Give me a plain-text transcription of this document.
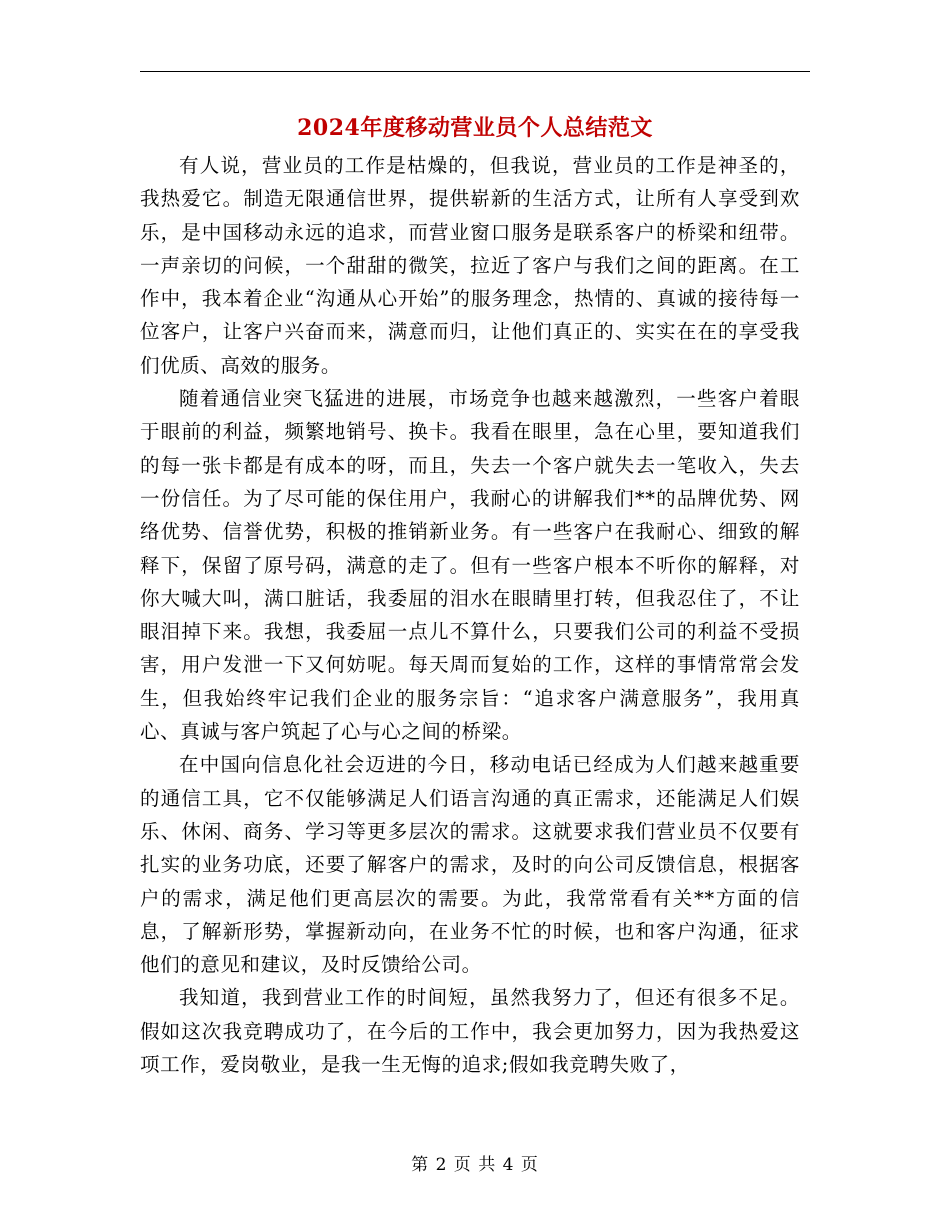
2024年度移动营业员个人总结范文

有人说，营业员的工作是枯燥的，但我说，营业员的工作是神圣的，我热爱它。制造无限通信世界，提供崭新的生活方式，让所有人享受到欢乐，是中国移动永远的追求，而营业窗口服务是联系客户的桥梁和纽带。一声亲切的问候，一个甜甜的微笑，拉近了客户与我们之间的距离。在工作中，我本着企业“沟通从心开始”的服务理念，热情的、真诚的接待每一位客户，让客户兴奋而来，满意而归，让他们真正的、实实在在的享受我们优质、高效的服务。

随着通信业突飞猛进的进展，市场竞争也越来越激烈，一些客户着眼于眼前的利益，频繁地销号、换卡。我看在眼里，急在心里，要知道我们的每一张卡都是有成本的呀，而且，失去一个客户就失去一笔收入，失去一份信任。为了尽可能的保住用户，我耐心的讲解我们**的品牌优势、网络优势、信誉优势，积极的推销新业务。有一些客户在我耐心、细致的解释下，保留了原号码，满意的走了。但有一些客户根本不听你的解释，对你大喊大叫，满口脏话，我委屈的泪水在眼睛里打转，但我忍住了，不让眼泪掉下来。我想，我委屈一点儿不算什么，只要我们公司的利益不受损害，用户发泄一下又何妨呢。每天周而复始的工作，这样的事情常常会发生，但我始终牢记我们企业的服务宗旨：“追求客户满意服务”，我用真心、真诚与客户筑起了心与心之间的桥梁。

在中国向信息化社会迈进的今日，移动电话已经成为人们越来越重要的通信工具，它不仅能够满足人们语言沟通的真正需求，还能满足人们娱乐、休闲、商务、学习等更多层次的需求。这就要求我们营业员不仅要有扎实的业务功底，还要了解客户的需求，及时的向公司反馈信息，根据客户的需求，满足他们更高层次的需要。为此，我常常看有关**方面的信息，了解新形势，掌握新动向，在业务不忙的时候，也和客户沟通，征求他们的意见和建议，及时反馈给公司。

我知道，我到营业工作的时间短，虽然我努力了，但还有很多不足。假如这次我竞聘成功了，在今后的工作中，我会更加努力，因为我热爱这项工作，爱岗敬业，是我一生无悔的追求;假如我竞聘失败了，

第 2 页 共 4 页
